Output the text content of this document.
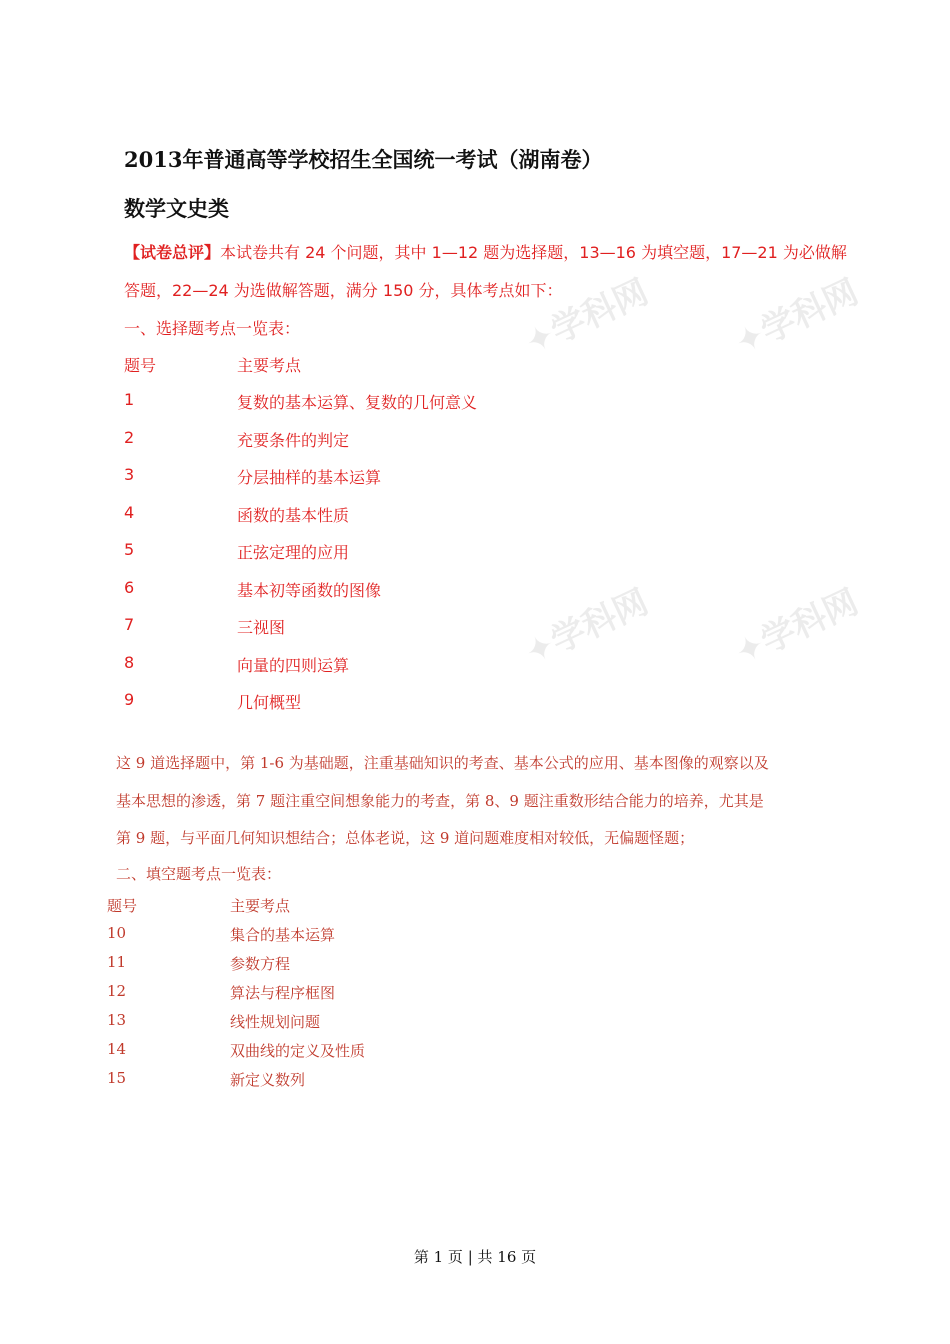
✦学科网 ✦学科网
✦学科网 ✦学科网
2013年普通高等学校招生全国统一考试（湖南卷）
数学文史类
【试卷总评】本试卷共有 24 个问题，其中 1—12 题为选择题，13—16 为填空题，17—21 为必做解
答题，22—24 为选做解答题，满分 150 分，具体考点如下：
一、选择题考点一览表：
题号	主要考点
1	复数的基本运算、复数的几何意义
2	充要条件的判定
3	分层抽样的基本运算
4	函数的基本性质
5	正弦定理的应用
6	基本初等函数的图像
7	三视图
8	向量的四则运算
9	几何概型
这 9 道选择题中，第 1-6 为基础题，注重基础知识的考查、基本公式的应用、基本图像的观察以及
基本思想的渗透，第 7 题注重空间想象能力的考查，第 8、9 题注重数形结合能力的培养，尤其是
第 9 题，与平面几何知识想结合；总体老说，这 9 道问题难度相对较低，无偏题怪题；
二、填空题考点一览表：
题号	主要考点
10	集合的基本运算
11	参数方程
12	算法与程序框图
13	线性规划问题
14	双曲线的定义及性质
15	新定义数列
第 1 页 | 共 16 页
